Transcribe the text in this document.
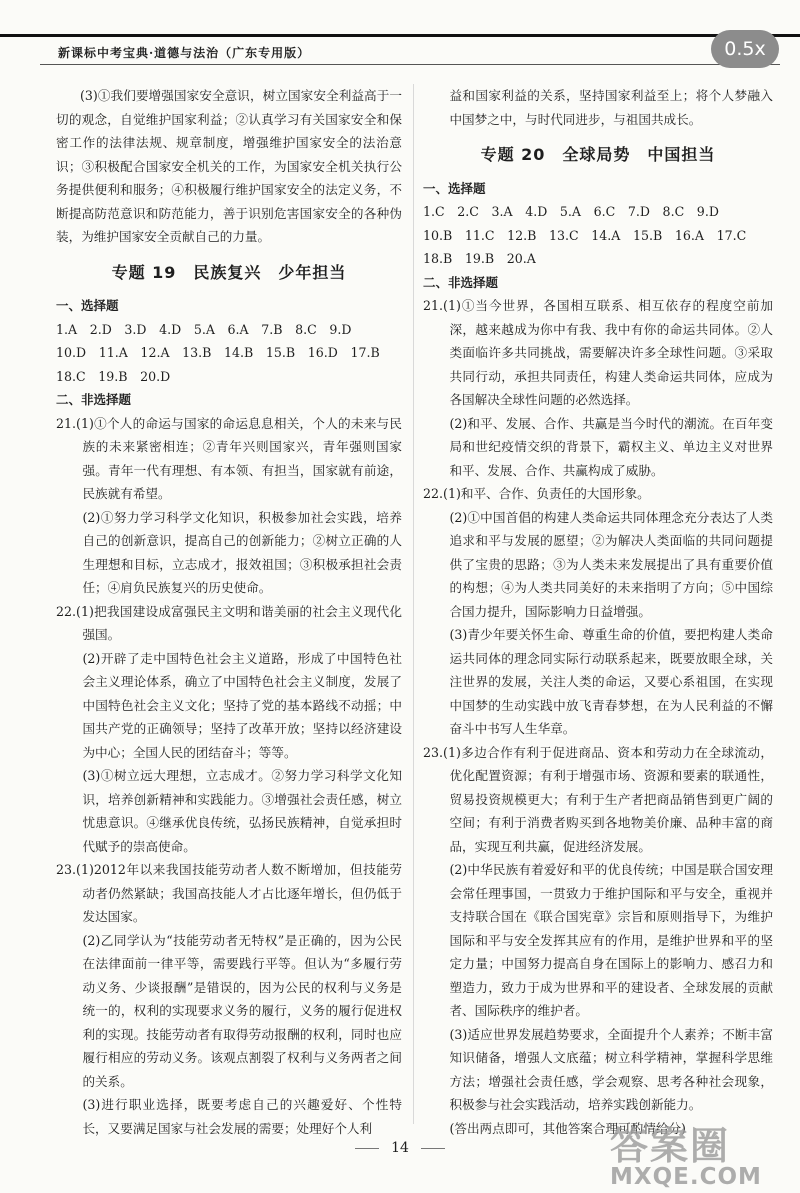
新课标中考宝典·道德与法治（广东专用版）	0.5x

(3)①我们要增强国家安全意识，树立国家安全利益高于一切的观念，自觉维护国家利益；②认真学习有关国家安全和保密工作的法律法规、规章制度，增强维护国家安全的法治意识；③积极配合国家安全机关的工作，为国家安全机关执行公务提供便利和服务；④积极履行维护国家安全的法定义务，不断提高防范意识和防范能力，善于识别危害国家安全的各种伪装，为维护国家安全贡献自己的力量。

专题 19　民族复兴　少年担当

一、选择题

1.A　2.D　3.D　4.D　5.A　6.A　7.B　8.C　9.D

10.D　11.A　12.A　13.B　14.B　15.B　16.D　17.B

18.C　19.B　20.D

二、非选择题

21.(1)①个人的命运与国家的命运息息相关，个人的未来与民族的未来紧密相连；②青年兴则国家兴，青年强则国家强。青年一代有理想、有本领、有担当，国家就有前途，民族就有希望。

(2)①努力学习科学文化知识，积极参加社会实践，培养自己的创新意识，提高自己的创新能力；②树立正确的人生理想和目标，立志成才，报效祖国；③积极承担社会责任；④肩负民族复兴的历史使命。

22.(1)把我国建设成富强民主文明和谐美丽的社会主义现代化强国。

(2)开辟了走中国特色社会主义道路，形成了中国特色社会主义理论体系，确立了中国特色社会主义制度，发展了中国特色社会主义文化；坚持了党的基本路线不动摇；中国共产党的正确领导；坚持了改革开放；坚持以经济建设为中心；全国人民的团结奋斗；等等。

(3)①树立远大理想，立志成才。②努力学习科学文化知识，培养创新精神和实践能力。③增强社会责任感，树立忧患意识。④继承优良传统，弘扬民族精神，自觉承担时代赋予的崇高使命。

23.(1)2012年以来我国技能劳动者人数不断增加，但技能劳动者仍然紧缺；我国高技能人才占比逐年增长，但仍低于发达国家。

(2)乙同学认为“技能劳动者无特权”是正确的，因为公民在法律面前一律平等，需要践行平等。但认为“多履行劳动义务、少谈报酬”是错误的，因为公民的权利与义务是统一的，权利的实现要求义务的履行，义务的履行促进权利的实现。技能劳动者有取得劳动报酬的权利，同时也应履行相应的劳动义务。该观点割裂了权利与义务两者之间的关系。

(3)进行职业选择，既要考虑自己的兴趣爱好、个性特长，又要满足国家与社会发展的需要；处理好个人利

益和国家利益的关系，坚持国家利益至上；将个人梦融入中国梦之中，与时代同进步，与祖国共成长。

专题 20　全球局势　中国担当

一、选择题

1.C　2.C　3.A　4.D　5.A　6.C　7.D　8.C　9.D

10.B　11.C　12.B　13.C　14.A　15.B　16.A　17.C

18.B　19.B　20.A

二、非选择题

21.(1)①当今世界，各国相互联系、相互依存的程度空前加深，越来越成为你中有我、我中有你的命运共同体。②人类面临许多共同挑战，需要解决许多全球性问题。③采取共同行动，承担共同责任，构建人类命运共同体，应成为各国解决全球性问题的必然选择。

(2)和平、发展、合作、共赢是当今时代的潮流。在百年变局和世纪疫情交织的背景下，霸权主义、单边主义对世界和平、发展、合作、共赢构成了威胁。

22.(1)和平、合作、负责任的大国形象。

(2)①中国首倡的构建人类命运共同体理念充分表达了人类追求和平与发展的愿望；②为解决人类面临的共同问题提供了宝贵的思路；③为人类未来发展提出了具有重要价值的构想；④为人类共同美好的未来指明了方向；⑤中国综合国力提升，国际影响力日益增强。

(3)青少年要关怀生命、尊重生命的价值，要把构建人类命运共同体的理念同实际行动联系起来，既要放眼全球，关注世界的发展，关注人类的命运，又要心系祖国，在实现中国梦的生动实践中放飞青春梦想，在为人民利益的不懈奋斗中书写人生华章。

23.(1)多边合作有利于促进商品、资本和劳动力在全球流动，优化配置资源；有利于增强市场、资源和要素的联通性，贸易投资规模更大；有利于生产者把商品销售到更广阔的空间；有利于消费者购买到各地物美价廉、品种丰富的商品，实现互利共赢，促进经济发展。

(2)中华民族有着爱好和平的优良传统；中国是联合国安理会常任理事国，一贯致力于维护国际和平与安全，重视并支持联合国在《联合国宪章》宗旨和原则指导下，为维护国际和平与安全发挥其应有的作用，是维护世界和平的坚定力量；中国努力提高自身在国际上的影响力、感召力和塑造力，致力于成为世界和平的建设者、全球发展的贡献者、国际秩序的维护者。

(3)适应世界发展趋势要求，全面提升个人素养；不断丰富知识储备，增强人文底蕴；树立科学精神，掌握科学思维方法；增强社会责任感，学会观察、思考各种社会现象，积极参与社会实践活动，培养实践创新能力。

(答出两点即可，其他答案合理可酌情给分)

14	答案圈
MXQE.COM
